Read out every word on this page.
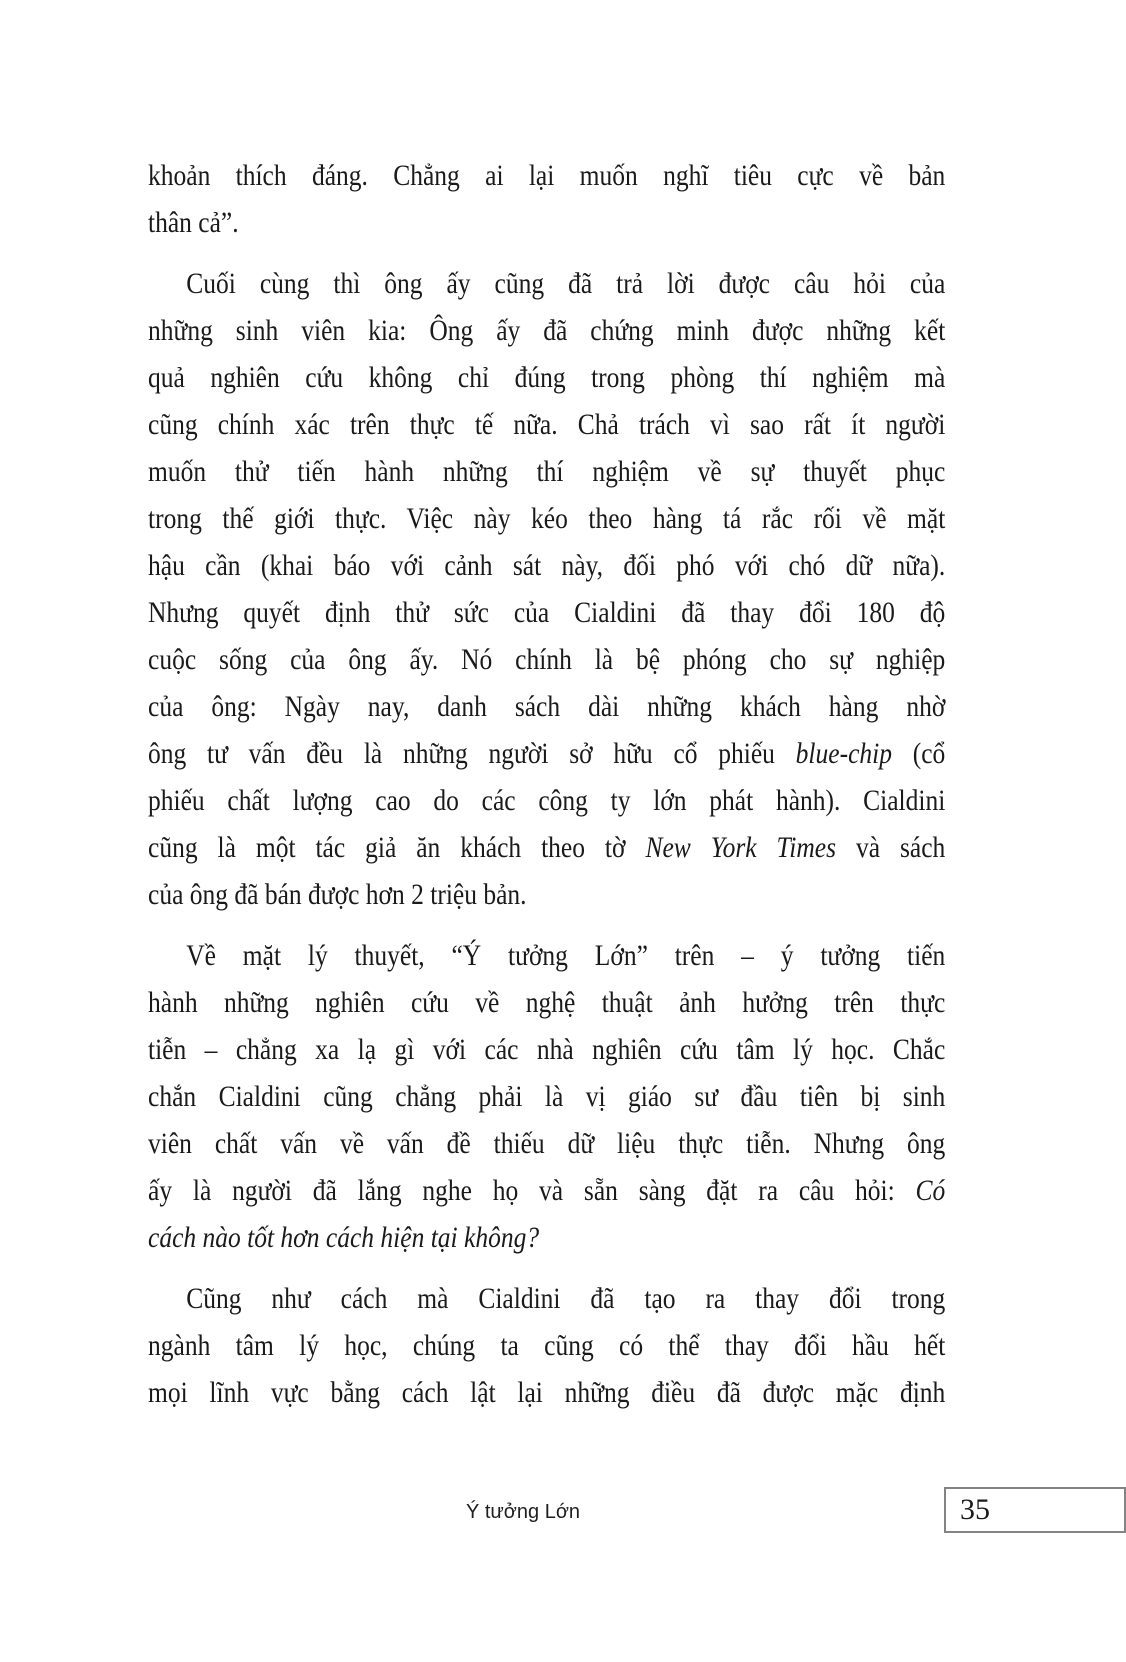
khoản thích đáng. Chẳng ai lại muốn nghĩ tiêu cực về bản
thân cả”.
Cuối cùng thì ông ấy cũng đã trả lời được câu hỏi của
những sinh viên kia: Ông ấy đã chứng minh được những kết
quả nghiên cứu không chỉ đúng trong phòng thí nghiệm mà
cũng chính xác trên thực tế nữa. Chả trách vì sao rất ít người
muốn thử tiến hành những thí nghiệm về sự thuyết phục
trong thế giới thực. Việc này kéo theo hàng tá rắc rối về mặt
hậu cần (khai báo với cảnh sát này, đối phó với chó dữ nữa).
Nhưng quyết định thử sức của Cialdini đã thay đổi 180 độ
cuộc sống của ông ấy. Nó chính là bệ phóng cho sự nghiệp
của ông: Ngày nay, danh sách dài những khách hàng nhờ
ông tư vấn đều là những người sở hữu cổ phiếu blue-chip (cổ
phiếu chất lượng cao do các công ty lớn phát hành). Cialdini
cũng là một tác giả ăn khách theo tờ New York Times và sách
của ông đã bán được hơn 2 triệu bản.
Về mặt lý thuyết, “Ý tưởng Lớn” trên – ý tưởng tiến
hành những nghiên cứu về nghệ thuật ảnh hưởng trên thực
tiễn – chẳng xa lạ gì với các nhà nghiên cứu tâm lý học. Chắc
chắn Cialdini cũng chẳng phải là vị giáo sư đầu tiên bị sinh
viên chất vấn về vấn đề thiếu dữ liệu thực tiễn. Nhưng ông
ấy là người đã lắng nghe họ và sẵn sàng đặt ra câu hỏi: Có
cách nào tốt hơn cách hiện tại không?
Cũng như cách mà Cialdini đã tạo ra thay đổi trong
ngành tâm lý học, chúng ta cũng có thể thay đổi hầu hết
mọi lĩnh vực bằng cách lật lại những điều đã được mặc định
Ý tưởng Lớn	35
